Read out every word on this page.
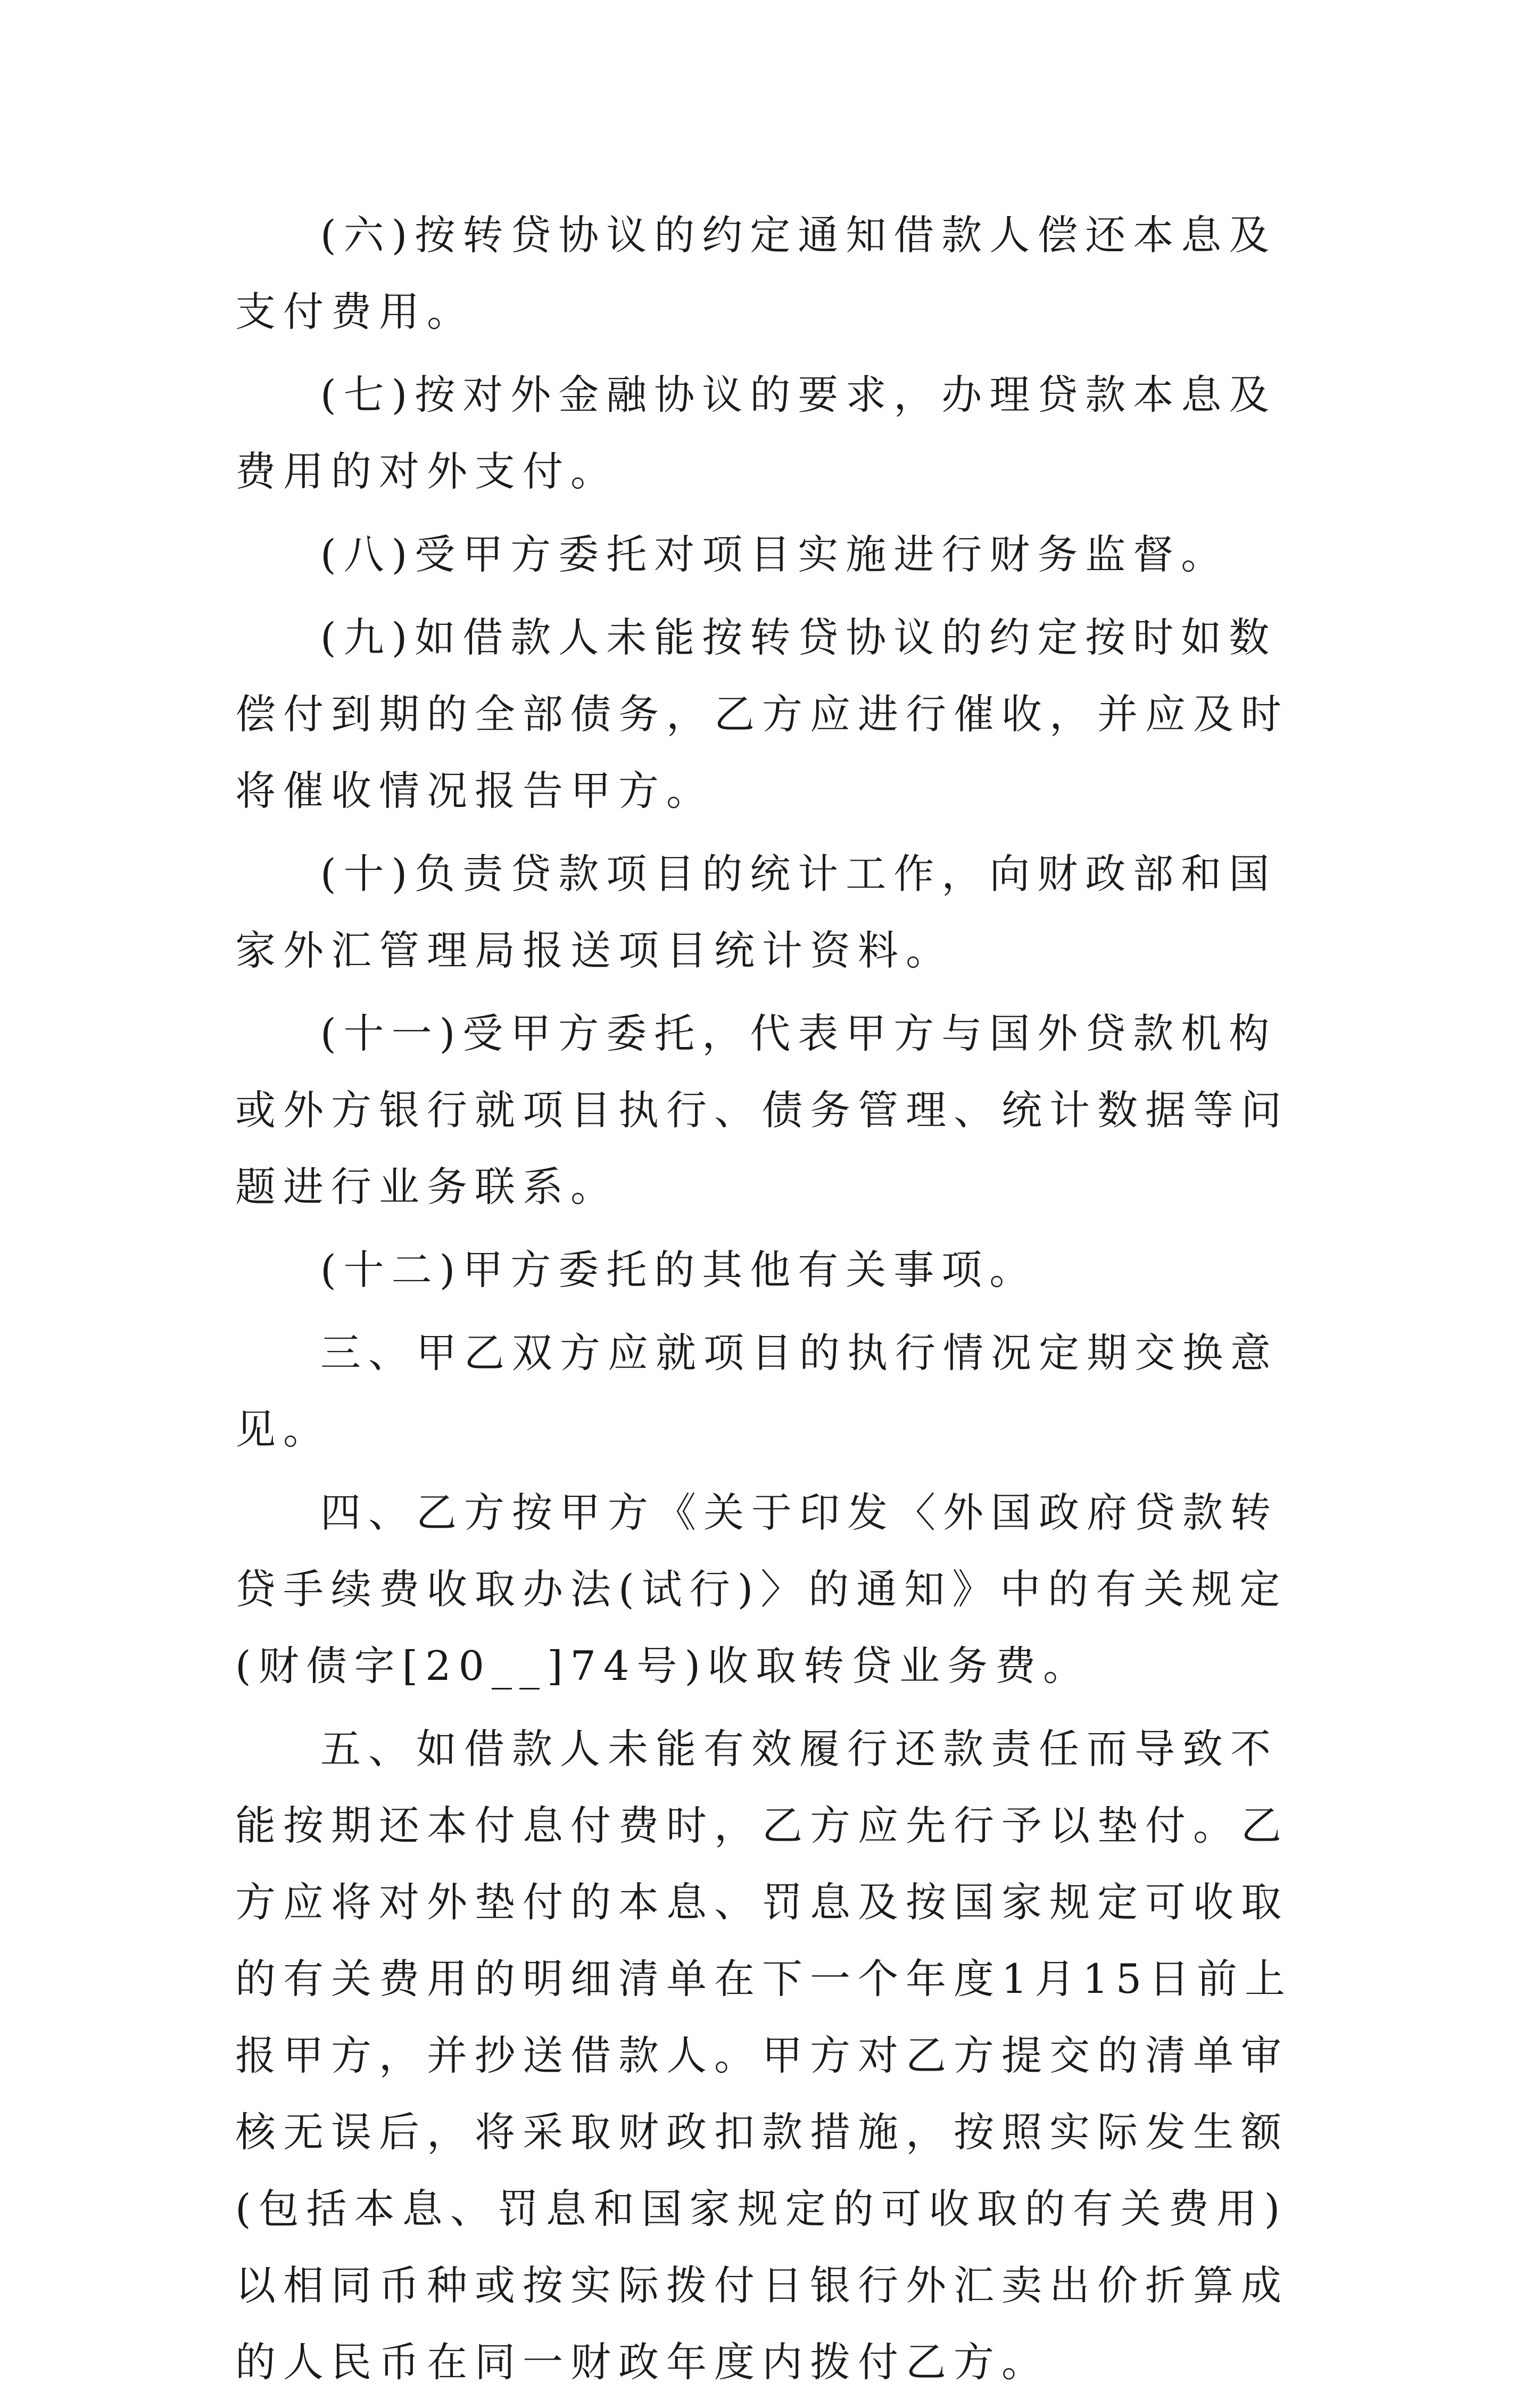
(六)按转贷协议的约定通知借款人偿还本息及支付费用。

(七)按对外金融协议的要求，办理贷款本息及费用的对外支付。

(八)受甲方委托对项目实施进行财务监督。

(九)如借款人未能按转贷协议的约定按时如数偿付到期的全部债务，乙方应进行催收，并应及时将催收情况报告甲方。

(十)负责贷款项目的统计工作，向财政部和国家外汇管理局报送项目统计资料。

(十一)受甲方委托，代表甲方与国外贷款机构或外方银行就项目执行、债务管理、统计数据等问题进行业务联系。

(十二)甲方委托的其他有关事项。

三、甲乙双方应就项目的执行情况定期交换意见。

四、乙方按甲方《关于印发〈外国政府贷款转贷手续费收取办法(试行)〉的通知》中的有关规定(财债字[20__]74号)收取转贷业务费。

五、如借款人未能有效履行还款责任而导致不能按期还本付息付费时，乙方应先行予以垫付。乙方应将对外垫付的本息、罚息及按国家规定可收取的有关费用的明细清单在下一个年度1月15日前上报甲方，并抄送借款人。甲方对乙方提交的清单审核无误后，将采取财政扣款措施，按照实际发生额(包括本息、罚息和国家规定的可收取的有关费用)以相同币种或按实际拨付日银行外汇卖出价折算成的人民币在同一财政年度内拨付乙方。
